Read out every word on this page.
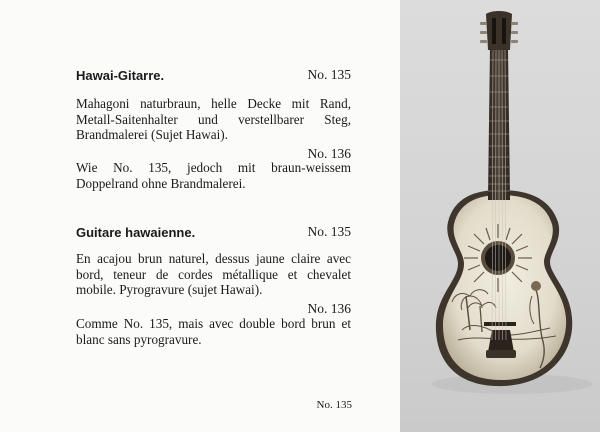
Hawai-Gitarre.	No. 135
Mahagoni naturbraun, helle Decke mit Rand, Metall-Saitenhalter und verstellbarer Steg, Brandmalerei (Sujet Hawai).
No. 136
Wie No. 135, jedoch mit braun-weissem Doppelrand ohne Brandmalerei.
Guitare hawaienne.	No. 135
En acajou brun naturel, dessus jaune claire avec bord, teneur de cordes métallique et chevalet mobile. Pyrogravure (sujet Hawai).
No. 136
Comme No. 135, mais avec double bord brun et blanc sans pyrogravure.
No. 135
